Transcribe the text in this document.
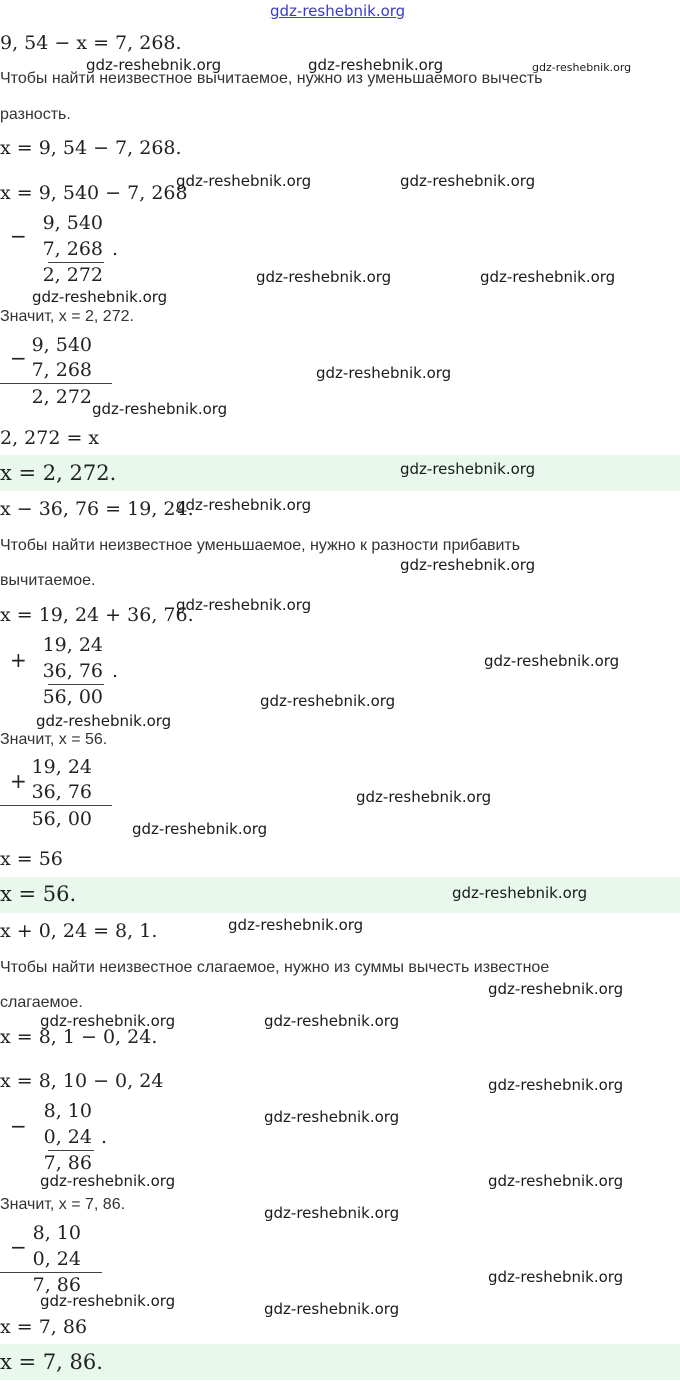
gdz-reshebnik.org
9, 54 − x = 7, 268.
Чтобы найти неизвестное вычитаемое, нужно из уменьшаемого вычесть
разность.
x = 9, 54 − 7, 268.
x = 9, 540 − 7, 268
−
9, 540
7, 268 .
2, 272
Значит, x = 2, 272.
−
9, 540
7, 268
2, 272
2, 272 = x
x = 2, 272.
x − 36, 76 = 19, 24.
Чтобы найти неизвестное уменьшаемое, нужно к разности прибавить
вычитаемое.
x = 19, 24 + 36, 76.
+
19, 24
36, 76 .
56, 00
Значит, x = 56.
+
19, 24
36, 76
56, 00
x = 56
x = 56.
x + 0, 24 = 8, 1.
Чтобы найти неизвестное слагаемое, нужно из суммы вычесть известное
слагаемое.
x = 8, 1 − 0, 24.
x = 8, 10 − 0, 24
−
8, 10
0, 24 .
7, 86
Значит, x = 7, 86.
−
8, 10
0, 24
7, 86
x = 7, 86
x = 7, 86.
gdz-reshebnik.org	gdz-reshebnik.org	gdz-reshebnik.org
gdz-reshebnik.org	gdz-reshebnik.org
gdz-reshebnik.org	gdz-reshebnik.org
gdz-reshebnik.org
gdz-reshebnik.org
gdz-reshebnik.org
gdz-reshebnik.org
gdz-reshebnik.org
gdz-reshebnik.org
gdz-reshebnik.org
gdz-reshebnik.org
gdz-reshebnik.org
gdz-reshebnik.org
gdz-reshebnik.org
gdz-reshebnik.org
gdz-reshebnik.org
gdz-reshebnik.org
gdz-reshebnik.org
gdz-reshebnik.org	gdz-reshebnik.org
gdz-reshebnik.org
gdz-reshebnik.org
gdz-reshebnik.org	gdz-reshebnik.org
gdz-reshebnik.org
gdz-reshebnik.org
gdz-reshebnik.org	gdz-reshebnik.org
